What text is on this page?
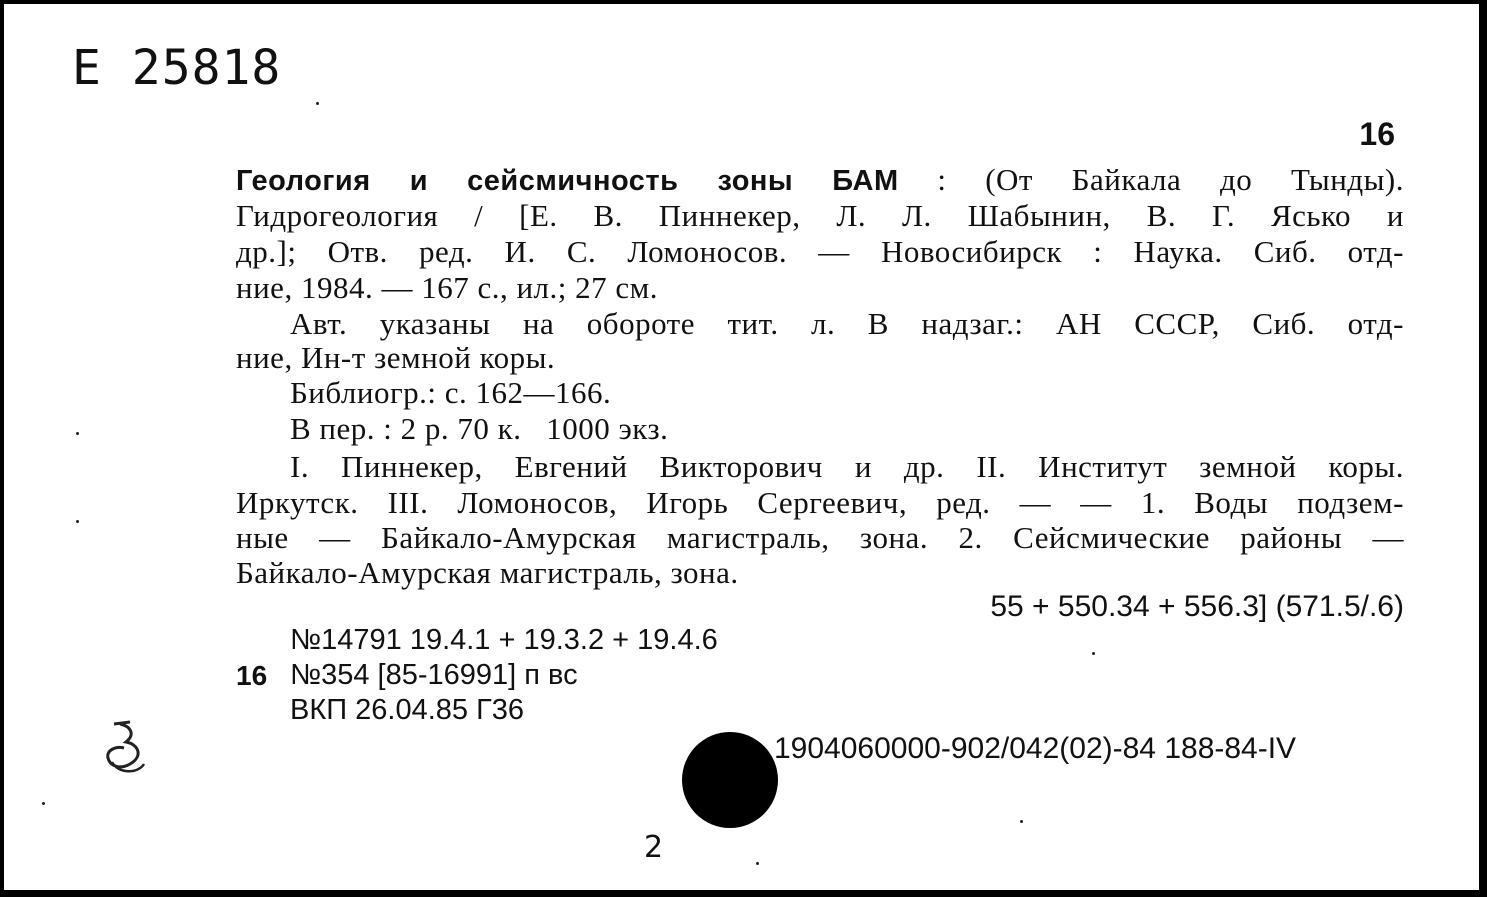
Е 25818
16
Геология и сейсмичность зоны БАМ : (От Байкала до Тынды).
Гидрогеология / [Е. В. Пиннекер, Л. Л. Шабынин, В. Г. Ясько и
др.]; Отв. ред. И. С. Ломоносов. — Новосибирск : Наука. Сиб. отд-
ние, 1984. — 167 с., ил.; 27 см.
Авт. указаны на обороте тит. л. В надзаг.: АН СССР, Сиб. отд-
ние, Ин-т земной коры.
Библиогр.: с. 162—166.
В пер. : 2 р. 70 к.   1000 экз.
I. Пиннекер, Евгений Викторович и др. II. Институт земной коры.
Иркутск. III. Ломоносов, Игорь Сергеевич, ред. — — 1. Воды подзем-
ные — Байкало-Амурская магистраль, зона. 2. Сейсмические районы —
Байкало-Амурская магистраль, зона.
55 + 550.34 + 556.3] (571.5/.6)
№14791 19.4.1 + 19.3.2 + 19.4.6
16 №354 [85-16991] п вс
ВКП 26.04.85 Г36
1904060000-902/042(02)-84 188-84-IV
2
